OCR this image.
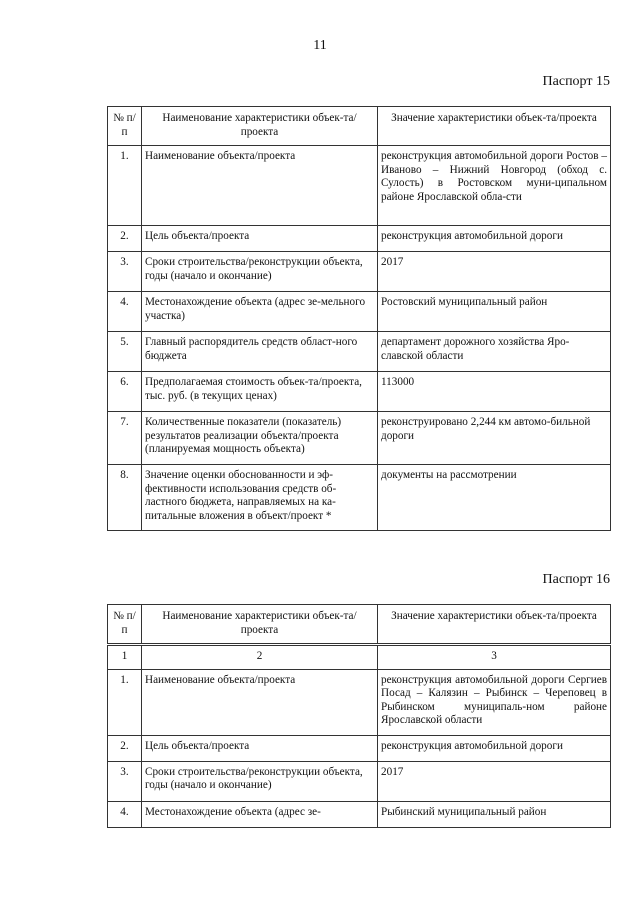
11
Паспорт 15
№ п/п	Наименование характеристики объек-та/проекта	Значение характеристики объек-та/проекта
1.	Наименование объекта/проекта	реконструкция автомобильной дороги Ростов – Иваново – Нижний Новгород (обход с. Сулость) в Ростовском муни-ципальном районе Ярославской обла-сти
2.	Цель объекта/проекта	реконструкция автомобильной дороги
3.	Сроки строительства/реконструкции объекта, годы (начало и окончание)	2017
4.	Местонахождение объекта (адрес зе-мельного участка)	Ростовский муниципальный район
5.	Главный распорядитель средств област-ного бюджета	департамент дорожного хозяйства Яро-славской области
6.	Предполагаемая стоимость объек-та/проекта, тыс. руб. (в текущих ценах)	113000
7.	Количественные показатели (показатель) результатов реализации объекта/проекта (планируемая мощность объекта)	реконструировано 2,244 км автомо-бильной дороги
8.	Значение оценки обоснованности и эф-фективности использования средств об-ластного бюджета, направляемых на ка-питальные вложения в объект/проект *	документы на рассмотрении
Паспорт 16
№ п/п	Наименование характеристики объек-та/проекта	Значение характеристики объек-та/проекта
1	2	3
1.	Наименование объекта/проекта	реконструкция автомобильной дороги Сергиев Посад – Калязин – Рыбинск – Череповец в Рыбинском муниципаль-ном районе Ярославской области
2.	Цель объекта/проекта	реконструкция автомобильной дороги
3.	Сроки строительства/реконструкции объекта, годы (начало и окончание)	2017
4.	Местонахождение объекта (адрес зе-	Рыбинский муниципальный район
